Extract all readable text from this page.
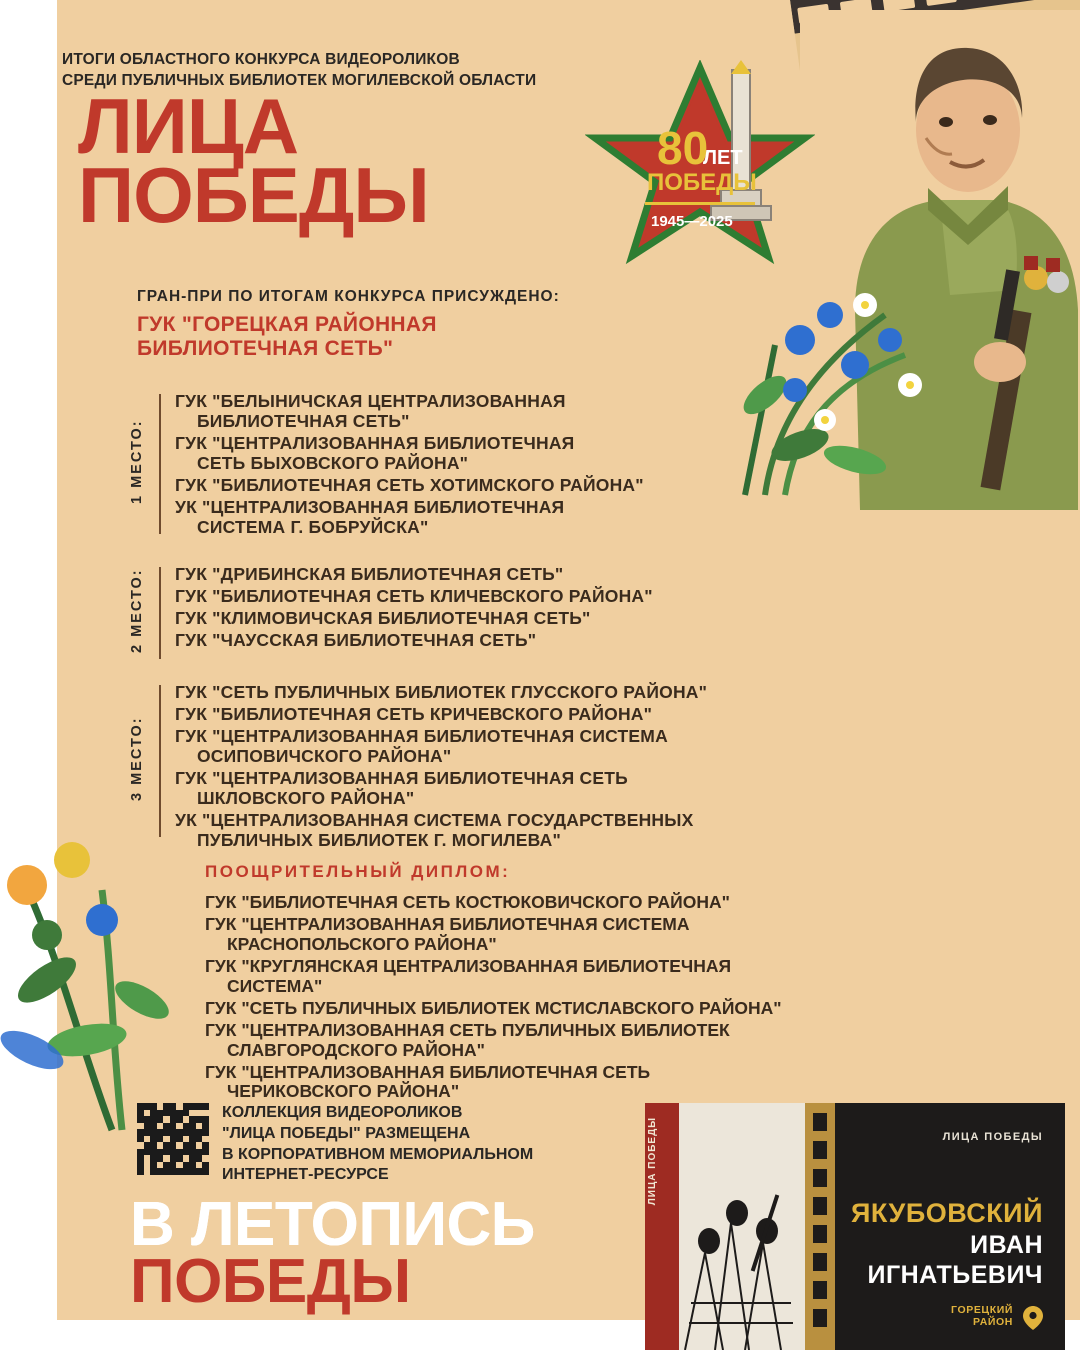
ИТОГИ ОБЛАСТНОГО КОНКУРСА ВИДЕОРОЛИКОВ
СРЕДИ ПУБЛИЧНЫХ БИБЛИОТЕК МОГИЛЕВСКОЙ ОБЛАСТИ
ЛИЦА
ПОБЕДЫ
80
ЛЕТ
ПОБЕДЫ
1945—2025
ГРАН-ПРИ ПО ИТОГАМ КОНКУРСА ПРИСУЖДЕНО:
ГУК "ГОРЕЦКАЯ РАЙОННАЯ
БИБЛИОТЕЧНАЯ СЕТЬ"
1 МЕСТО:
ГУК "БЕЛЫНИЧСКАЯ ЦЕНТРАЛИЗОВАННАЯ
БИБЛИОТЕЧНАЯ СЕТЬ"
ГУК "ЦЕНТРАЛИЗОВАННАЯ БИБЛИОТЕЧНАЯ
СЕТЬ БЫХОВСКОГО РАЙОНА"
ГУК "БИБЛИОТЕЧНАЯ СЕТЬ ХОТИМСКОГО РАЙОНА"
УК "ЦЕНТРАЛИЗОВАННАЯ БИБЛИОТЕЧНАЯ
СИСТЕМА Г. БОБРУЙСКА"
2 МЕСТО:	ГУК "ДРИБИНСКАЯ БИБЛИОТЕЧНАЯ СЕТЬ"
ГУК "БИБЛИОТЕЧНАЯ СЕТЬ КЛИЧЕВСКОГО РАЙОНА"
ГУК "КЛИМОВИЧСКАЯ БИБЛИОТЕЧНАЯ СЕТЬ"
ГУК "ЧАУССКАЯ БИБЛИОТЕЧНАЯ СЕТЬ"
3 МЕСТО:
ГУК "СЕТЬ ПУБЛИЧНЫХ БИБЛИОТЕК ГЛУССКОГО РАЙОНА"
ГУК "БИБЛИОТЕЧНАЯ СЕТЬ КРИЧЕВСКОГО РАЙОНА"
ГУК "ЦЕНТРАЛИЗОВАННАЯ БИБЛИОТЕЧНАЯ СИСТЕМА
ОСИПОВИЧСКОГО РАЙОНА"
ГУК "ЦЕНТРАЛИЗОВАННАЯ БИБЛИОТЕЧНАЯ СЕТЬ
ШКЛОВСКОГО РАЙОНА"
УК "ЦЕНТРАЛИЗОВАННАЯ СИСТЕМА ГОСУДАРСТВЕННЫХ
ПУБЛИЧНЫХ БИБЛИОТЕК Г. МОГИЛЕВА"
ПООЩРИТЕЛЬНЫЙ ДИПЛОМ:
ГУК "БИБЛИОТЕЧНАЯ СЕТЬ КОСТЮКОВИЧСКОГО РАЙОНА"
ГУК "ЦЕНТРАЛИЗОВАННАЯ БИБЛИОТЕЧНАЯ СИСТЕМА
КРАСНОПОЛЬСКОГО РАЙОНА"
ГУК "КРУГЛЯНСКАЯ ЦЕНТРАЛИЗОВАННАЯ БИБЛИОТЕЧНАЯ
СИСТЕМА"
ГУК "СЕТЬ ПУБЛИЧНЫХ БИБЛИОТЕК МСТИСЛАВСКОГО РАЙОНА"
ГУК "ЦЕНТРАЛИЗОВАННАЯ СЕТЬ ПУБЛИЧНЫХ БИБЛИОТЕК
СЛАВГОРОДСКОГО РАЙОНА"
ГУК "ЦЕНТРАЛИЗОВАННАЯ БИБЛИОТЕЧНАЯ СЕТЬ
ЧЕРИКОВСКОГО РАЙОНА"
КОЛЛЕКЦИЯ ВИДЕОРОЛИКОВ
"ЛИЦА ПОБЕДЫ" РАЗМЕЩЕНА
В КОРПОРАТИВНОМ МЕМОРИАЛЬНОМ
ИНТЕРНЕТ-РЕСУРСЕ
В ЛЕТОПИСЬ
ПОБЕДЫ
ЛИЦА ПОБЕДЫ	ЛИЦА ПОБЕДЫ
ЯКУБОВСКИЙ
ИВАН
ИГНАТЬЕВИЧ
ГОРЕЦКИЙ
РАЙОН
